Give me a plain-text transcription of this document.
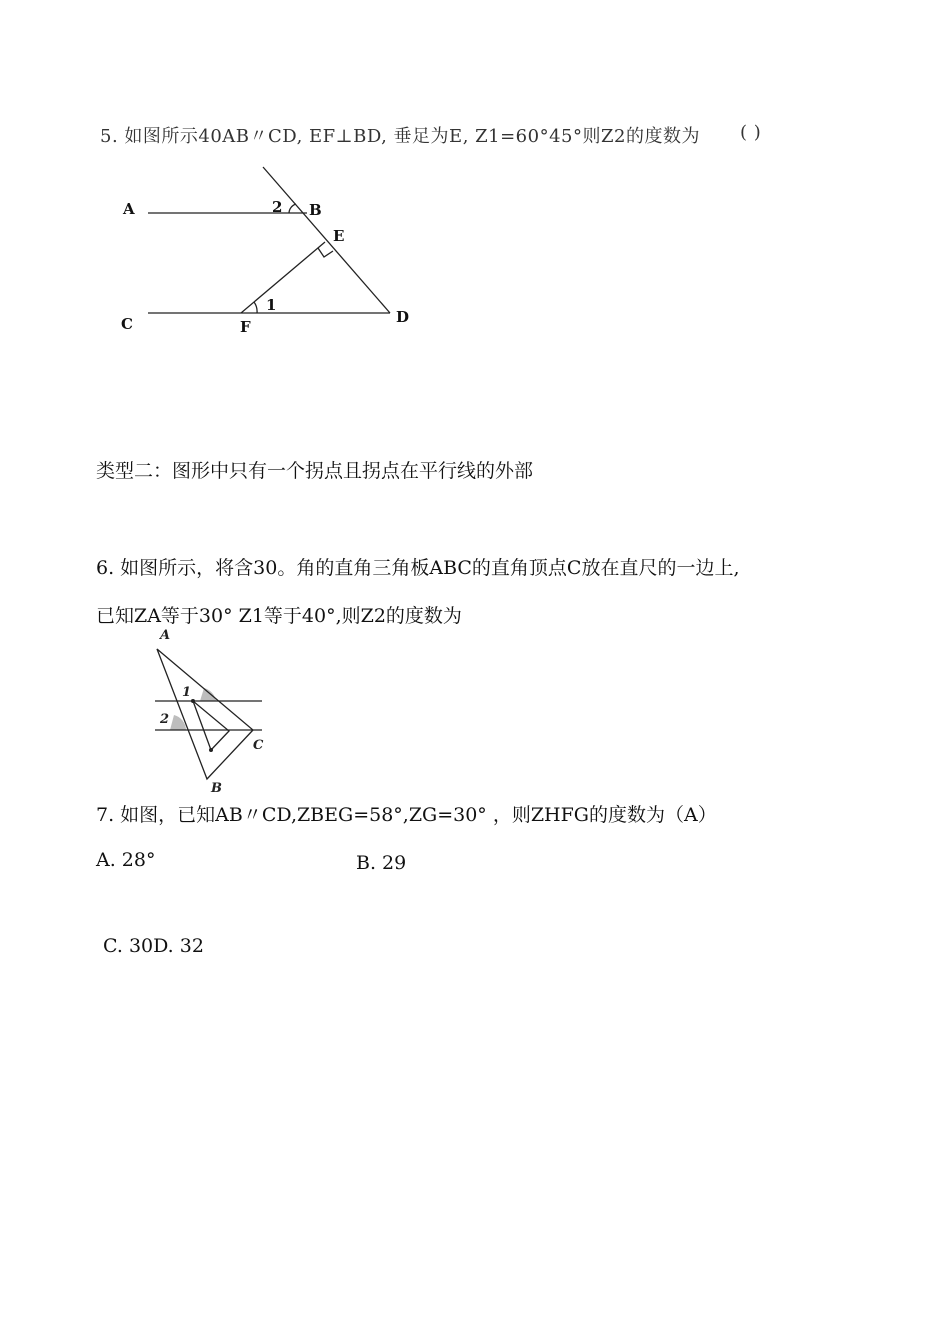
5. 如图所示40AB〃CD, EF⊥BD, 垂足为E, Z1=60°45°则Z2的度数为 ( )
A	B
E
C	D
F
2
1
类型二：图形中只有一个拐点且拐点在平行线的外部
6. 如图所示，将含30。角的直角三角板ABC的直角顶点C放在直尺的一边上,
已知ZA等于30° Z1等于40°,则Z2的度数为
A
B
C
1
2
7. 如图，已知AB〃CD,ZBEG=58°,ZG=30° ，则ZHFG的度数为（A）
A. 28°	B. 29
C. 30D. 32
